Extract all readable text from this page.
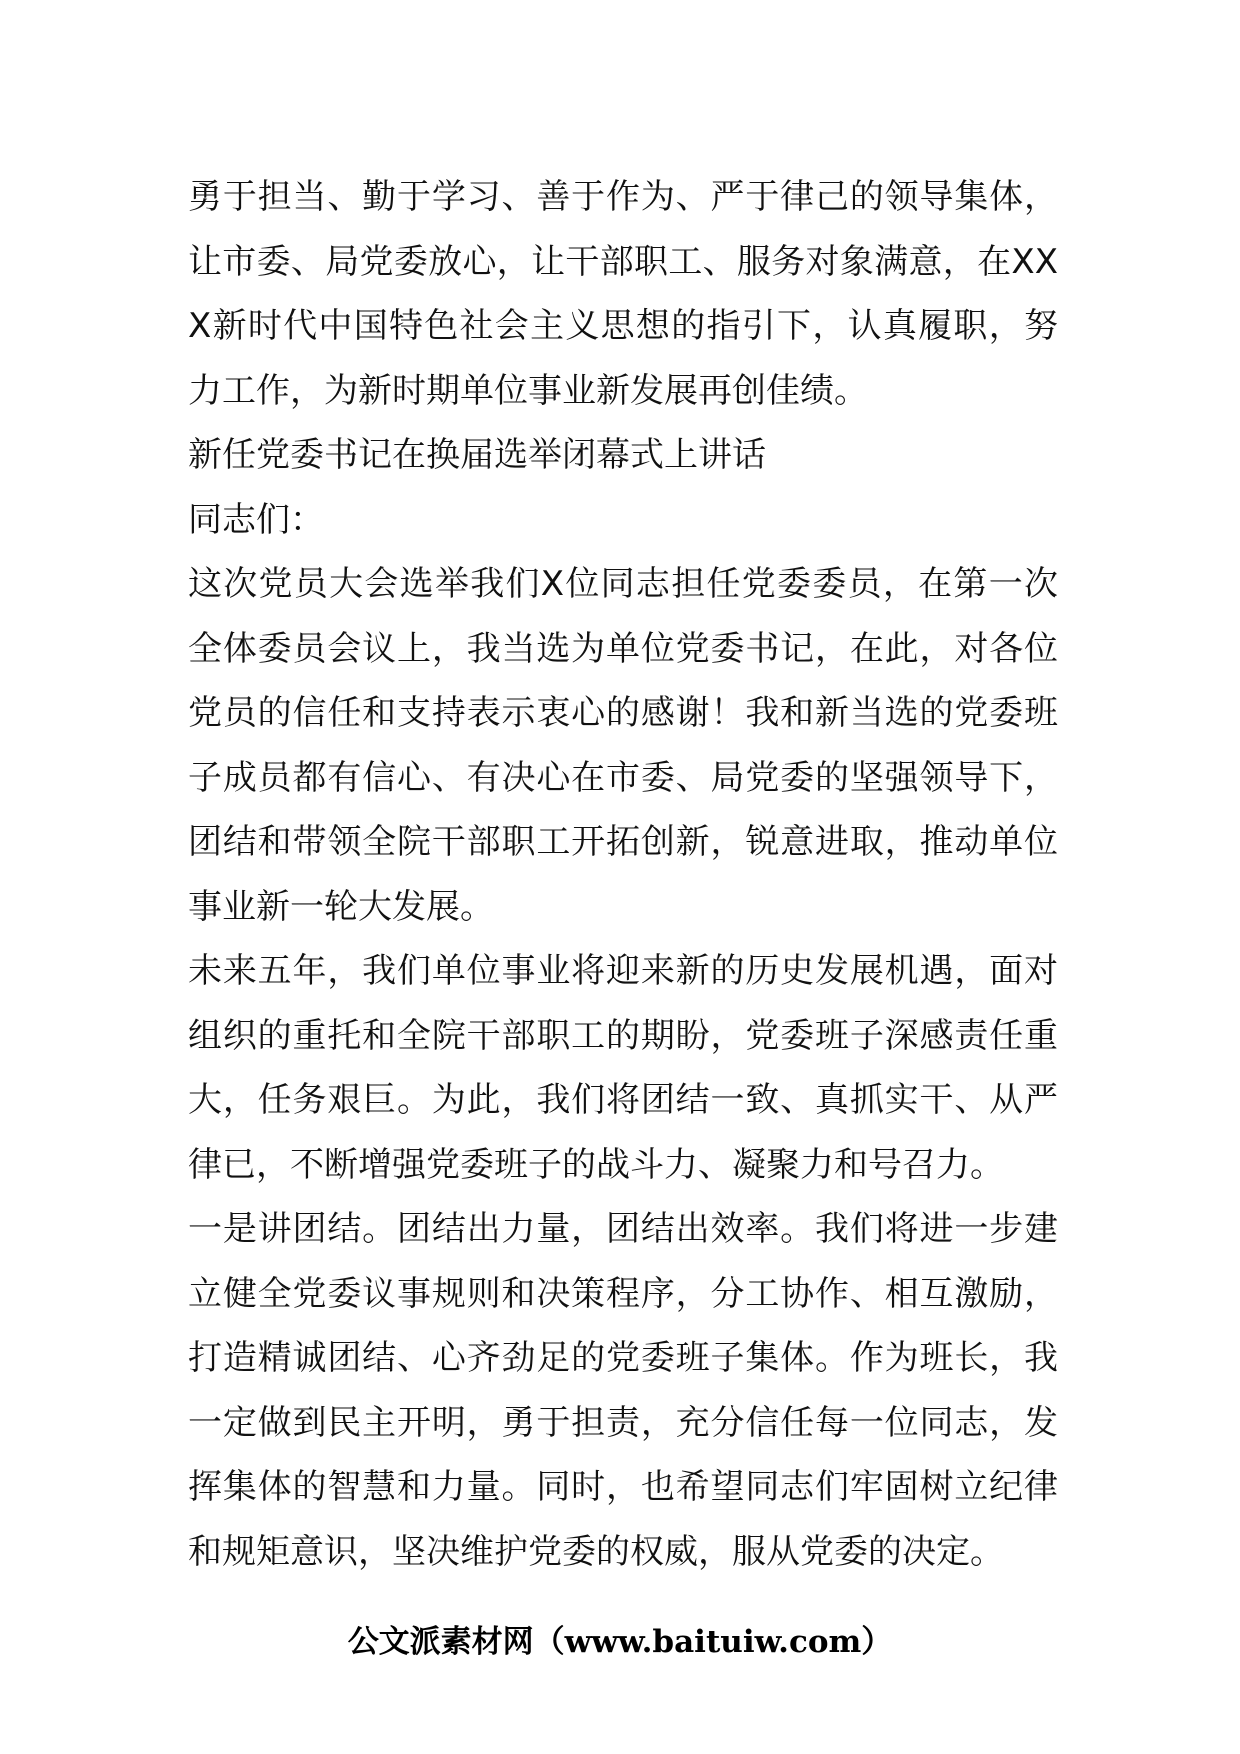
勇于担当、勤于学习、善于作为、严于律己的领导集体，让市委、局党委放心，让干部职工、服务对象满意，在XXX新时代中国特色社会主义思想的指引下，认真履职，努力工作，为新时期单位事业新发展再创佳绩。

新任党委书记在换届选举闭幕式上讲话

同志们：

这次党员大会选举我们X位同志担任党委委员，在第一次全体委员会议上，我当选为单位党委书记，在此，对各位党员的信任和支持表示衷心的感谢！我和新当选的党委班子成员都有信心、有决心在市委、局党委的坚强领导下，团结和带领全院干部职工开拓创新，锐意进取，推动单位事业新一轮大发展。

未来五年，我们单位事业将迎来新的历史发展机遇，面对组织的重托和全院干部职工的期盼，党委班子深感责任重大，任务艰巨。为此，我们将团结一致、真抓实干、从严律已，不断增强党委班子的战斗力、凝聚力和号召力。

一是讲团结。团结出力量，团结出效率。我们将进一步建立健全党委议事规则和决策程序，分工协作、相互激励，打造精诚团结、心齐劲足的党委班子集体。作为班长，我一定做到民主开明，勇于担责，充分信任每一位同志，发挥集体的智慧和力量。同时，也希望同志们牢固树立纪律和规矩意识，坚决维护党委的权威，服从党委的决定。

公文派素材网（www.baituiw.com）
